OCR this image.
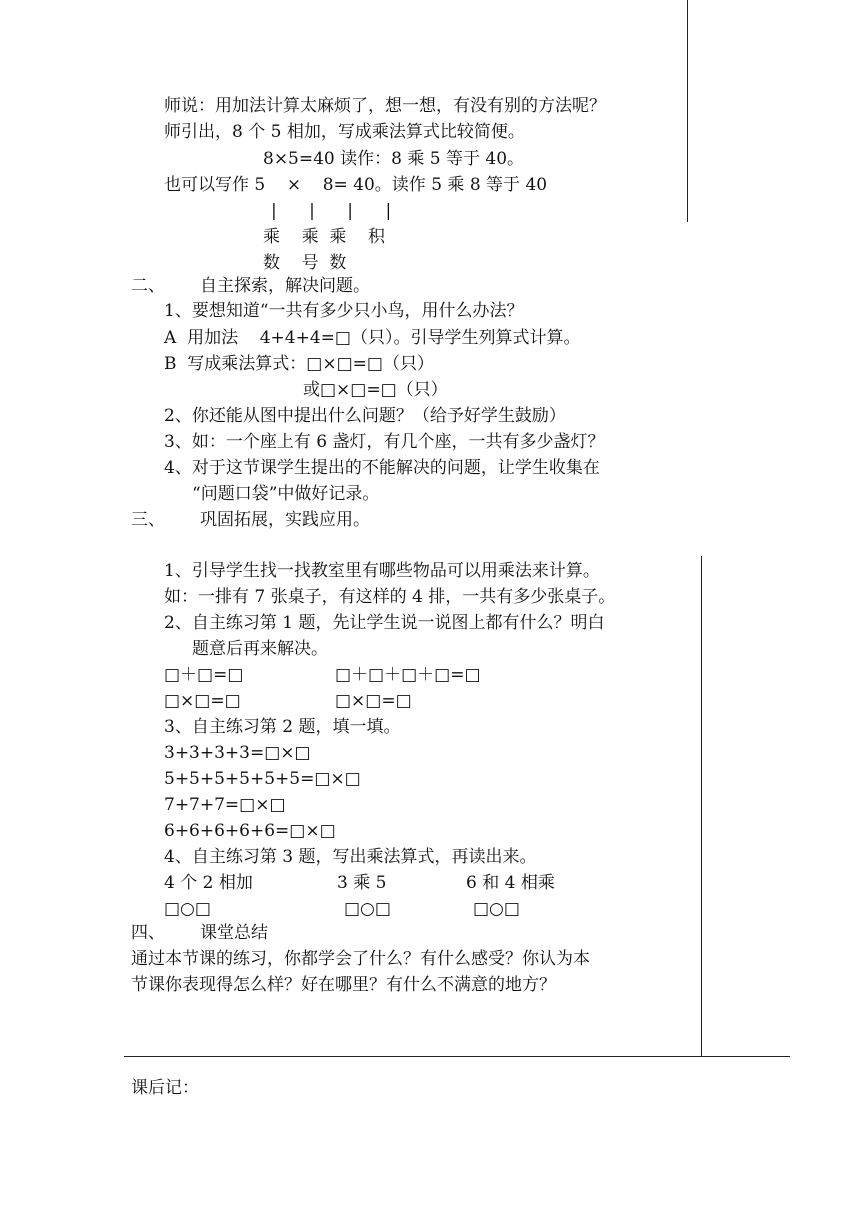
师说：用加法计算太麻烦了，想一想，有没有别的方法呢？
师引出，8 个 5 相加，写成乘法算式比较简便。
8×5=40 读作：8 乘 5 等于 40。
也可以写作 5    ×    8= 40。读作 5 乘 8 等于 40
|      |      |      |
乘    乘  乘    积
数    号  数
二、 自主探索，解决问题。
1、要想知道“一共有多少只小鸟，用什么办法？
A  用加法    4+4+4=□（只）。引导学生列算式计算。
B  写成乘法算式：□×□=□（只）
或□×□=□（只）
2、你还能从图中提出什么问题？（给予好学生鼓励）
3、如：一个座上有 6 盏灯，有几个座，一共有多少盏灯？
4、对于这节课学生提出的不能解决的问题，让学生收集在
“问题口袋”中做好记录。
三、 巩固拓展，实践应用。
1、引导学生找一找教室里有哪些物品可以用乘法来计算。
如：一排有 7 张桌子，有这样的 4 排，一共有多少张桌子。
2、自主练习第 1 题，先让学生说一说图上都有什么？明白
题意后再来解决。
□＋□=□	□＋□＋□＋□=□
□×□=□	□×□=□
3、自主练习第 2 题，填一填。
3+3+3+3=□×□
5+5+5+5+5+5=□×□
7+7+7=□×□
6+6+6+6+6=□×□
4、自主练习第 3 题，写出乘法算式，再读出来。
4 个 2 相加	3 乘 5	6 和 4 相乘
□○□	□○□	□○□
四、 课堂总结
通过本节课的练习，你都学会了什么？有什么感受？你认为本
节课你表现得怎么样？好在哪里？有什么不满意的地方？
课后记：
